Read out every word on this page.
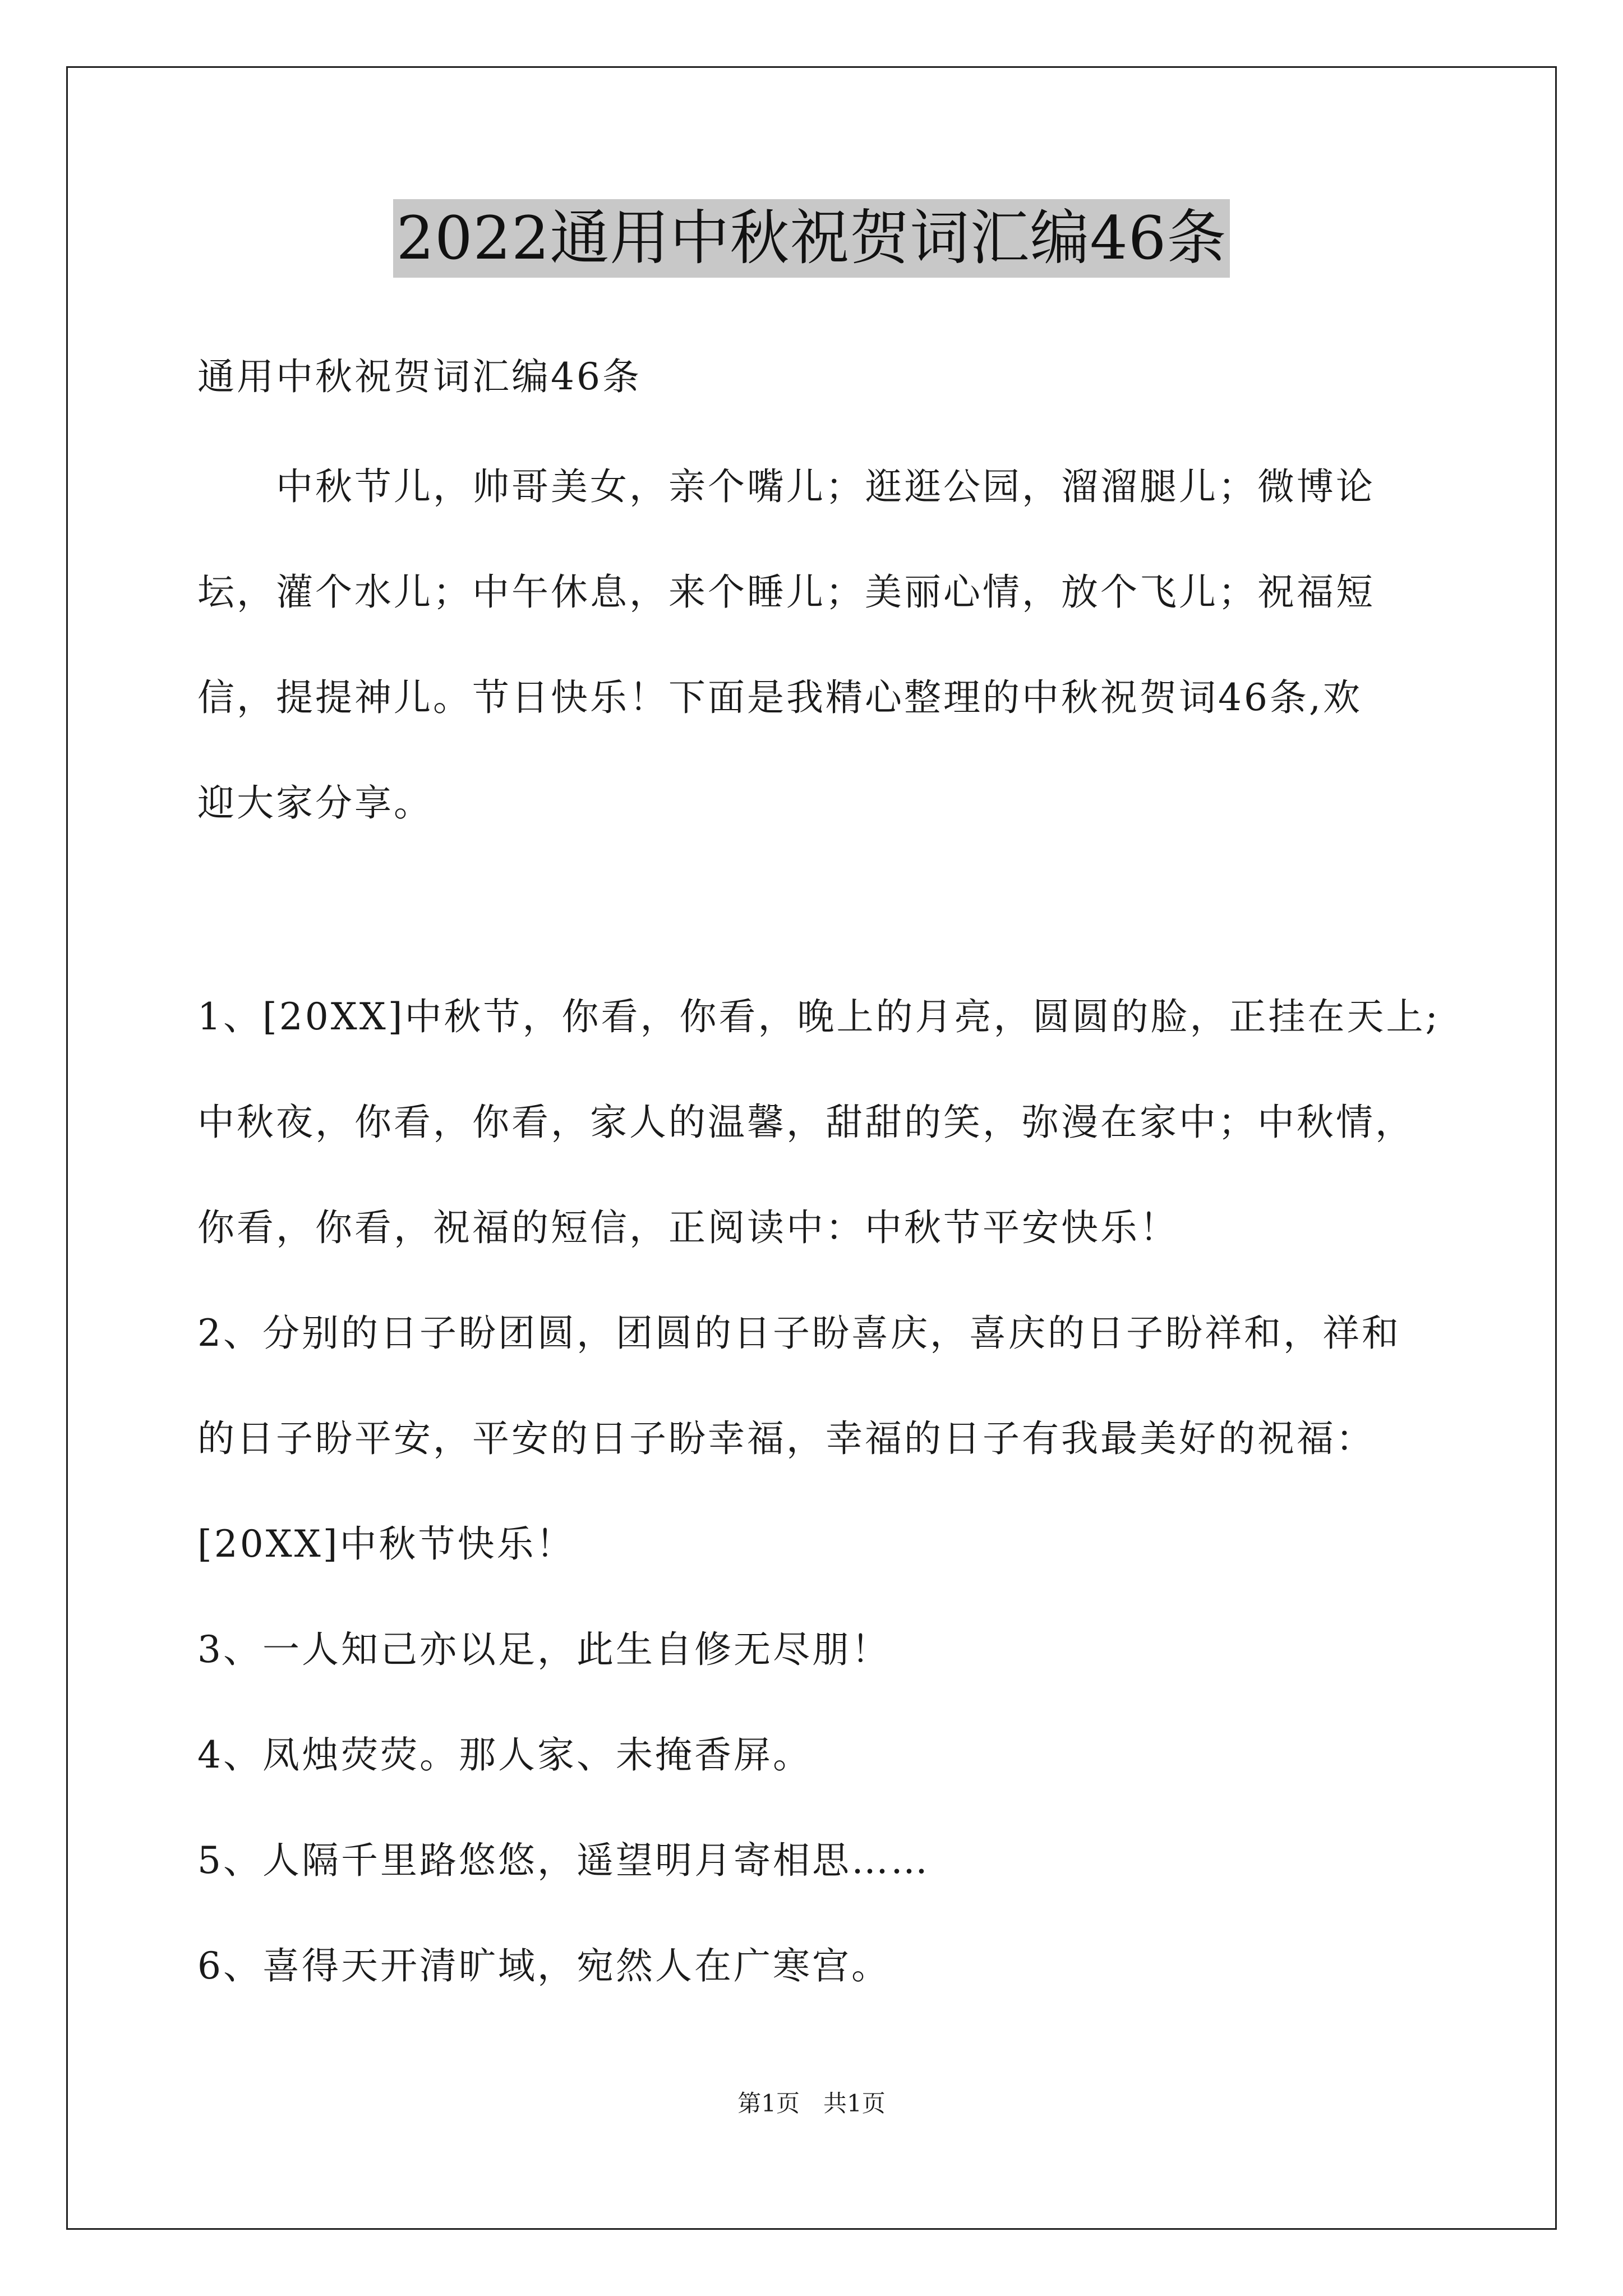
2022通用中秋祝贺词汇编46条
通用中秋祝贺词汇编46条
　　中秋节儿，帅哥美女，亲个嘴儿；逛逛公园，溜溜腿儿；微博论
坛，灌个水儿；中午休息，来个睡儿；美丽心情，放个飞儿；祝福短
信，提提神儿。节日快乐！下面是我精心整理的中秋祝贺词46条,欢
迎大家分享。
1、[20XX]中秋节，你看，你看，晚上的月亮，圆圆的脸，正挂在天上;
中秋夜，你看，你看，家人的温馨，甜甜的笑，弥漫在家中；中秋情，
你看，你看，祝福的短信，正阅读中：中秋节平安快乐！
2、分别的日子盼团圆，团圆的日子盼喜庆，喜庆的日子盼祥和，祥和
的日子盼平安，平安的日子盼幸福，幸福的日子有我最美好的祝福：
[20XX]中秋节快乐！
3、一人知己亦以足，此生自修无尽朋！
4、凤烛荧荧。那人家、未掩香屏。
5、人隔千里路悠悠，遥望明月寄相思……
6、喜得天开清旷域，宛然人在广寒宫。
第1页　共1页
